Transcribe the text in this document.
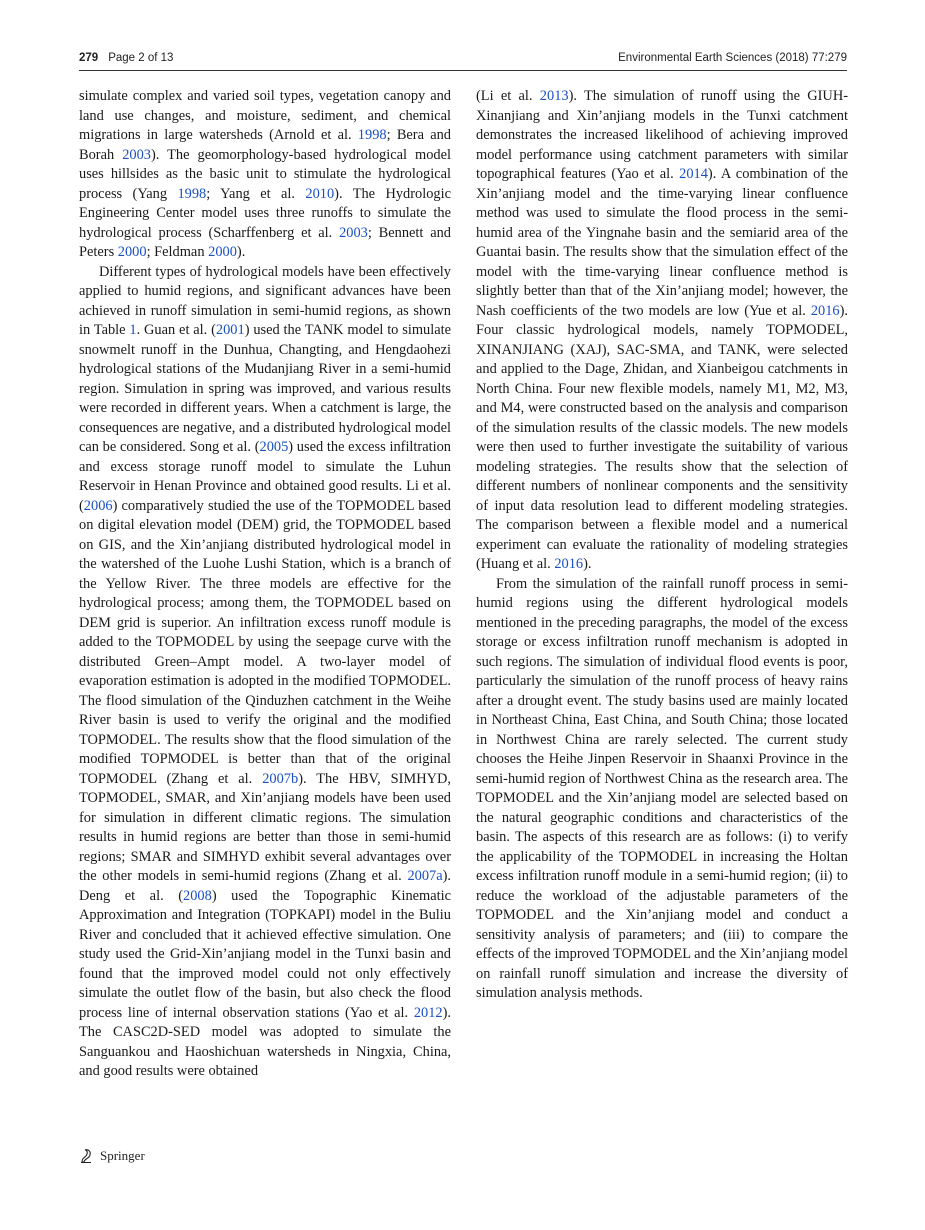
279 Page 2 of 13	Environmental Earth Sciences (2018) 77:279

simulate complex and varied soil types, vegetation canopy and land use changes, and moisture, sediment, and chemical migrations in large watersheds (Arnold et al. 1998; Bera and Borah 2003). The geomorphology-based hydrological model uses hillsides as the basic unit to stimulate the hydrological process (Yang 1998; Yang et al. 2010). The Hydrologic Engineering Center model uses three runoffs to simulate the hydrological process (Scharffenberg et al. 2003; Bennett and Peters 2000; Feldman 2000).

Different types of hydrological models have been effectively applied to humid regions, and significant advances have been achieved in runoff simulation in semi-humid regions, as shown in Table 1. Guan et al. (2001) used the TANK model to simulate snowmelt runoff in the Dunhua, Changting, and Hengdaohezi hydrological stations of the Mudanjiang River in a semi-humid region. Simulation in spring was improved, and various results were recorded in different years. When a catchment is large, the consequences are negative, and a distributed hydrological model can be considered. Song et al. (2005) used the excess infiltration and excess storage runoff model to simulate the Luhun Reservoir in Henan Province and obtained good results. Li et al. (2006) comparatively studied the use of the TOPMODEL based on digital elevation model (DEM) grid, the TOPMODEL based on GIS, and the Xin’anjiang distributed hydrological model in the watershed of the Luohe Lushi Station, which is a branch of the Yellow River. The three models are effective for the hydrological process; among them, the TOPMODEL based on DEM grid is superior. An infiltration excess runoff module is added to the TOPMODEL by using the seepage curve with the distributed Green–Ampt model. A two-layer model of evaporation estimation is adopted in the modified TOPMODEL. The flood simulation of the Qinduzhen catchment in the Weihe River basin is used to verify the original and the modified TOPMODEL. The results show that the flood simulation of the modified TOPMODEL is better than that of the original TOPMODEL (Zhang et al. 2007b). The HBV, SIMHYD, TOPMODEL, SMAR, and Xin’anjiang models have been used for simulation in different climatic regions. The simulation results in humid regions are better than those in semi-humid regions; SMAR and SIMHYD exhibit several advantages over the other models in semi-humid regions (Zhang et al. 2007a). Deng et al. (2008) used the Topographic Kinematic Approximation and Integration (TOPKAPI) model in the Buliu River and concluded that it achieved effective simulation. One study used the Grid-Xin’anjiang model in the Tunxi basin and found that the improved model could not only effectively simulate the outlet flow of the basin, but also check the flood process line of internal observation stations (Yao et al. 2012). The CASC2D-SED model was adopted to simulate the Sanguankou and Haoshichuan watersheds in Ningxia, China, and good results were obtained

(Li et al. 2013). The simulation of runoff using the GIUH-Xinanjiang and Xin’anjiang models in the Tunxi catchment demonstrates the increased likelihood of achieving improved model performance using catchment parameters with similar topographical features (Yao et al. 2014). A combination of the Xin’anjiang model and the time-varying linear confluence method was used to simulate the flood process in the semi-humid area of the Yingnahe basin and the semiarid area of the Guantai basin. The results show that the simulation effect of the model with the time-varying linear confluence method is slightly better than that of the Xin’anjiang model; however, the Nash coefficients of the two models are low (Yue et al. 2016). Four classic hydrological models, namely TOPMODEL, XINANJIANG (XAJ), SAC-SMA, and TANK, were selected and applied to the Dage, Zhidan, and Xianbeigou catchments in North China. Four new flexible models, namely M1, M2, M3, and M4, were constructed based on the analysis and comparison of the simulation results of the classic models. The new models were then used to further investigate the suitability of various modeling strategies. The results show that the selection of different numbers of nonlinear components and the sensitivity of input data resolution lead to different modeling strategies. The comparison between a flexible model and a numerical experiment can evaluate the rationality of modeling strategies (Huang et al. 2016).

From the simulation of the rainfall runoff process in semi-humid regions using the different hydrological models mentioned in the preceding paragraphs, the model of the excess storage or excess infiltration runoff mechanism is adopted in such regions. The simulation of individual flood events is poor, particularly the simulation of the runoff process of heavy rains after a drought event. The study basins used are mainly located in Northeast China, East China, and South China; those located in Northwest China are rarely selected. The current study chooses the Heihe Jinpen Reservoir in Shaanxi Province in the semi-humid region of Northwest China as the research area. The TOPMODEL and the Xin’anjiang model are selected based on the natural geographic conditions and characteristics of the basin. The aspects of this research are as follows: (i) to verify the applicability of the TOPMODEL in increasing the Holtan excess infiltration runoff module in a semi-humid region; (ii) to reduce the workload of the adjustable parameters of the TOPMODEL and the Xin’anjiang model and conduct a sensitivity analysis of parameters; and (iii) to compare the effects of the improved TOPMODEL and the Xin’anjiang model on rainfall runoff simulation and increase the diversity of simulation analysis methods.

Springer
